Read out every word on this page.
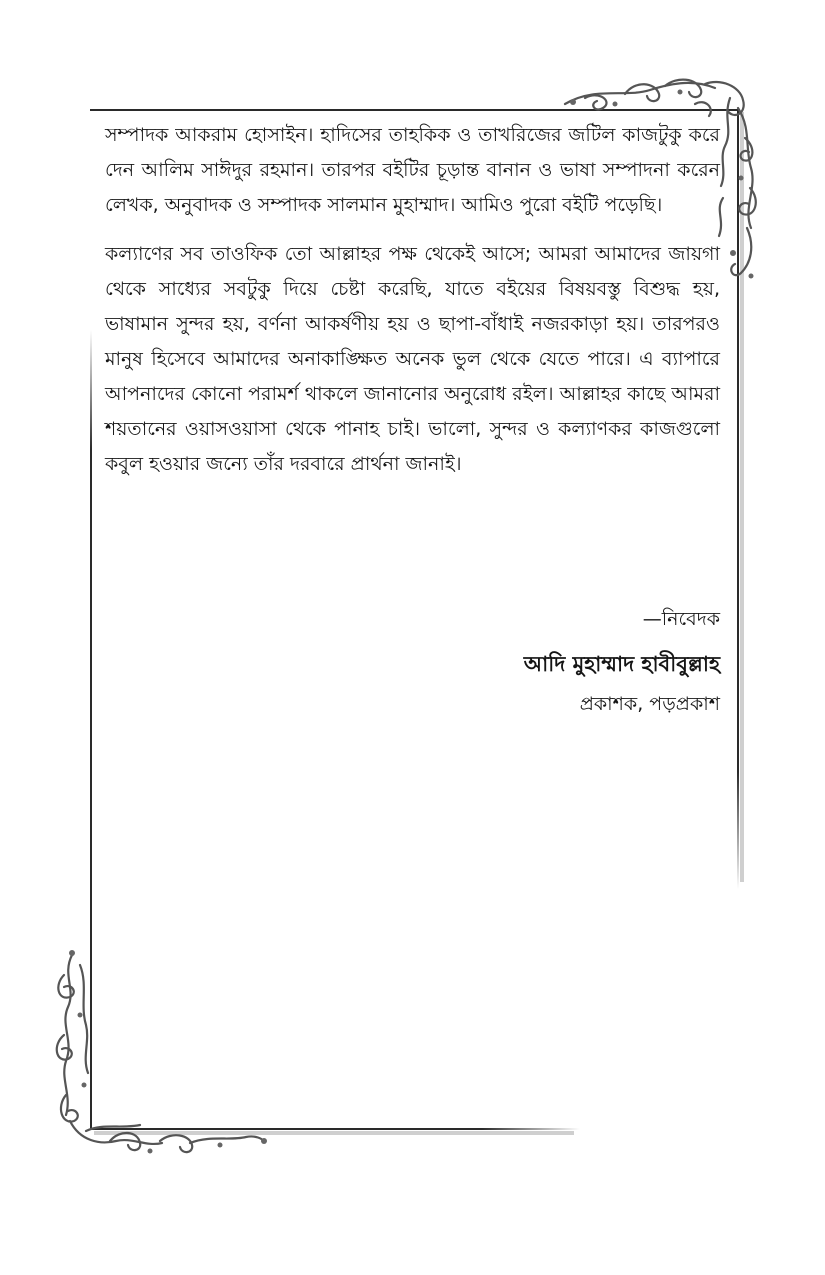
সম্পাদক আকরাম হোসাইন। হাদিসের তাহকিক ও তাখরিজের জটিল কাজটুকু করে দেন আলিম সাঈদুর রহমান। তারপর বইটির চূড়ান্ত বানান ও ভাষা সম্পাদনা করেন লেখক, অনুবাদক ও সম্পাদক সালমান মুহাম্মাদ। আমিও পুরো বইটি পড়েছি।

কল্যাণের সব তাওফিক তো আল্লাহর পক্ষ থেকেই আসে; আমরা আমাদের জায়গা থেকে সাধ্যের সবটুকু দিয়ে চেষ্টা করেছি, যাতে বইয়ের বিষয়বস্তু বিশুদ্ধ হয়, ভাষামান সুন্দর হয়, বর্ণনা আকর্ষণীয় হয় ও ছাপা-বাঁধাই নজরকাড়া হয়। তারপরও মানুষ হিসেবে আমাদের অনাকাঙ্ক্ষিত অনেক ভুল থেকে যেতে পারে। এ ব্যাপারে আপনাদের কোনো পরামর্শ থাকলে জানানোর অনুরোধ রইল। আল্লাহর কাছে আমরা শয়তানের ওয়াসওয়াসা থেকে পানাহ চাই। ভালো, সুন্দর ও কল্যাণকর কাজগুলো কবুল হওয়ার জন্যে তাঁর দরবারে প্রার্থনা জানাই।

—নিবেদক
আদি মুহাম্মাদ হাবীবুল্লাহ
প্রকাশক, পড়প্রকাশ
